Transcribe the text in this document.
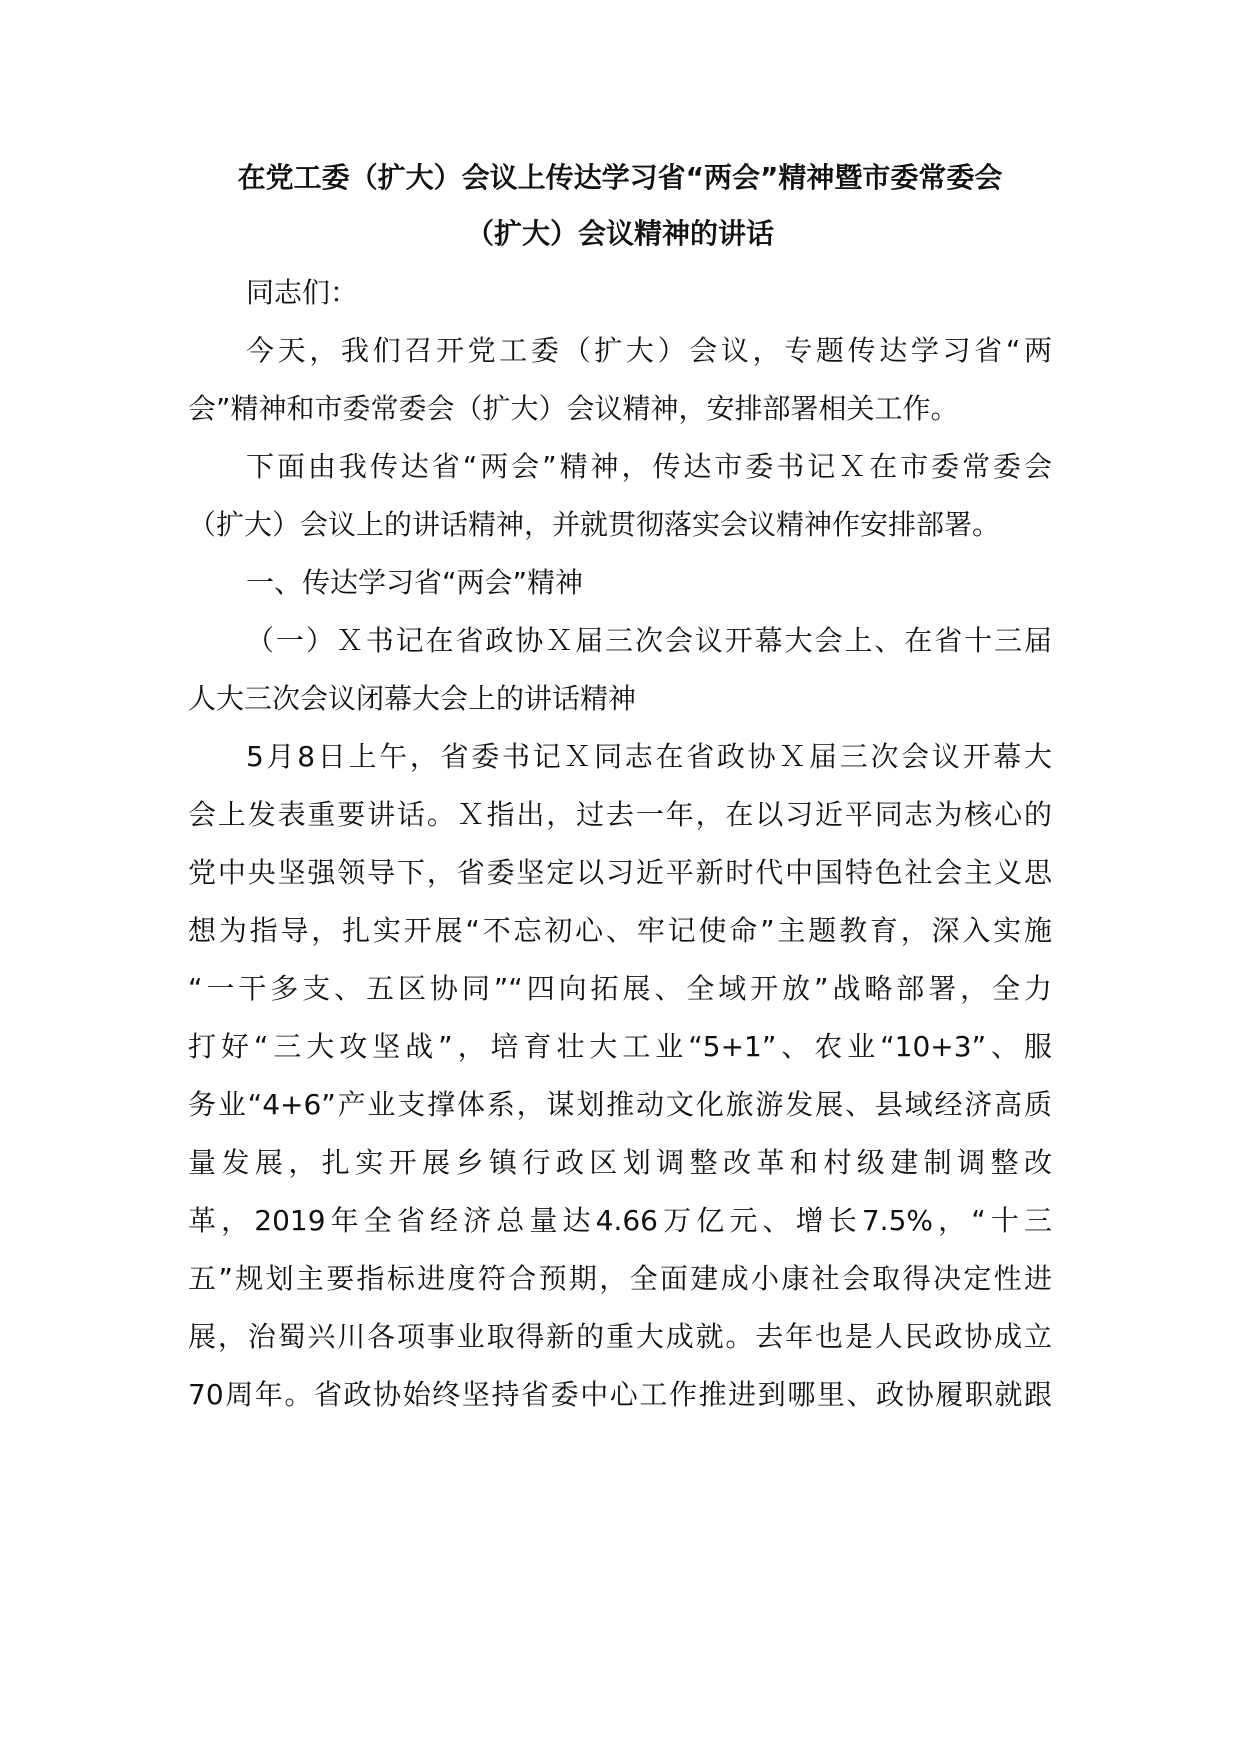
在党工委（扩大）会议上传达学习省“两会”精神暨市委常委会
（扩大）会议精神的讲话
同志们：
今天，我们召开党工委（扩大）会议，专题传达学习省“两
会”精神和市委常委会（扩大）会议精神，安排部署相关工作。
下面由我传达省“两会”精神，传达市委书记Ｘ在市委常委会
（扩大）会议上的讲话精神，并就贯彻落实会议精神作安排部署。
一、传达学习省“两会”精神
（一）Ｘ书记在省政协Ｘ届三次会议开幕大会上、在省十三届
人大三次会议闭幕大会上的讲话精神
5月8日上午，省委书记Ｘ同志在省政协Ｘ届三次会议开幕大
会上发表重要讲话。Ｘ指出，过去一年，在以习近平同志为核心的
党中央坚强领导下，省委坚定以习近平新时代中国特色社会主义思
想为指导，扎实开展“不忘初心、牢记使命”主题教育，深入实施
“一干多支、五区协同”“四向拓展、全域开放”战略部署，全力
打好“三大攻坚战”，培育壮大工业“5+1”、农业“10+3”、服
务业“4+6”产业支撑体系，谋划推动文化旅游发展、县域经济高质
量发展，扎实开展乡镇行政区划调整改革和村级建制调整改
革，2019年全省经济总量达4.66万亿元、增长7.5%，“十三
五”规划主要指标进度符合预期，全面建成小康社会取得决定性进
展，治蜀兴川各项事业取得新的重大成就。去年也是人民政协成立
70周年。省政协始终坚持省委中心工作推进到哪里、政协履职就跟
